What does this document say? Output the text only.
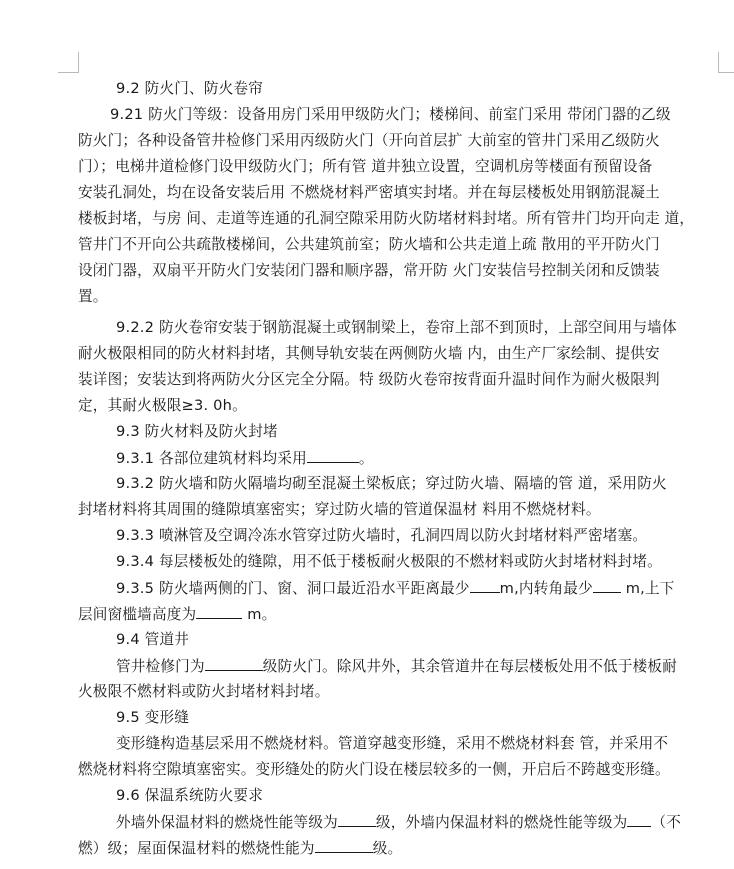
9.2 防火门、防火卷帘
9.21 防火门等级：设备用房门采用甲级防火门；楼梯间、前室门采用 带闭门器的乙级
防火门；各种设备管井检修门采用丙级防火门（开向首层扩 大前室的管井门采用乙级防火
门）；电梯井道检修门设甲级防火门；所有管 道井独立设置，空调机房等楼面有预留设备
安装孔洞处，均在设备安装后用 不燃烧材料严密填实封堵。并在每层楼板处用钢筋混凝土
楼板封堵，与房 间、走道等连通的孔洞空隙采用防火防堵材料封堵。所有管井门均开向走 道，
管井门不开向公共疏散楼梯间，公共建筑前室；防火墙和公共走道上疏 散用的平开防火门
设闭门器，双扇平开防火门安装闭门器和顺序器，常开防 火门安装信号控制关闭和反馈装
置。
9.2.2 防火卷帘安装于钢筋混凝土或钢制梁上，卷帘上部不到顶时，上部空间用与墙体
耐火极限相同的防火材料封堵，其侧导轨安装在两侧防火墙 内，由生产厂家绘制、提供安
装详图；安装达到将两防火分区完全分隔。特 级防火卷帘按背面升温时间作为耐火极限判
定，其耐火极限≥3. 0h。
9.3 防火材料及防火封堵
9.3.1 各部位建筑材料均采用	。
9.3.2 防火墙和防火隔墙均砌至混凝土梁板底；穿过防火墙、隔墙的管 道，采用防火
封堵材料将其周围的缝隙填塞密实；穿过防火墙的管道保温材 料用不燃烧材料。
9.3.3 喷淋管及空调冷冻水管穿过防火墙时，孔洞四周以防火封堵材料严密堵塞。
9.3.4 每层楼板处的缝隙，用不低于楼板耐火极限的不燃材料或防火封堵材料封堵。
9.3.5 防火墙两侧的门、窗、洞口最近沿水平距离最少 m,内转角最少 m,上下
层间窗槛墙高度为	m。
9.4 管道井
管井检修门为	级防火门。除风井外，其余管道井在每层楼板处用不低于楼板耐
火极限不燃材料或防火封堵材料封堵。
9.5 变形缝
变形缝构造基层采用不燃烧材料。管道穿越变形缝，采用不燃烧材料套 管，并采用不
燃烧材料将空隙填塞密实。变形缝处的防火门设在楼层较多的一侧，开启后不跨越变形缝。
9.6 保温系统防火要求
外墙外保温材料的燃烧性能等级为	级，外墙内保温材料的燃烧性能等级为 （不
燃）级；屋面保温材料的燃烧性能为	级。
